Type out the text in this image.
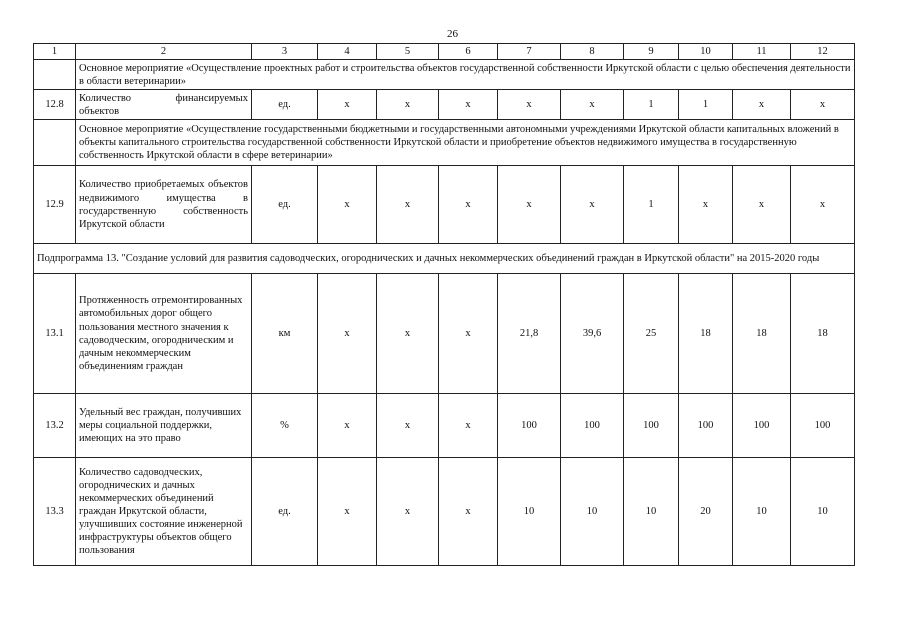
26
1	2	3	4	5	6	7	8	9	10	11	12
	Основное мероприятие «Осуществление проектных работ и строительства объектов государственной собственности Иркутской области с целью обеспечения деятельности в области ветеринарии»										
12.8	Количество финансируемых объектов	ед.	х	х	х	х	х	1	1	х	х
	Основное мероприятие «Осуществление государственными бюджетными и государственными автономными учреждениями Иркутской области капитальных вложений в объекты капитального строительства государственной собственности Иркутской области и приобретение объектов недвижимого имущества в государственную собственность Иркутской области в сфере ветеринарии»										
12.9	Количество приобретаемых объектов недвижимого имущества в государственную собственность Иркутской области	ед.	х	х	х	х	х	1	х	х	х
Подпрограмма 13. "Создание условий для развития садоводческих, огороднических и дачных некоммерческих объединений граждан в Иркутской области" на 2015-2020 годы											
13.1	Протяженность отремонтированных автомобильных дорог общего пользования местного значения к садоводческим, огородническим и дачным некоммерческим объединениям граждан	км	х	х	х	21,8	39,6	25	18	18	18
13.2	Удельный вес граждан, получивших меры социальной поддержки, имеющих на это право	%	х	х	х	100	100	100	100	100	100
13.3	Количество садоводческих, огороднических и дачных некоммерческих объединений граждан Иркутской области, улучшивших состояние инженерной инфраструктуры объектов общего пользования	ед.	х	х	х	10	10	10	20	10	10
